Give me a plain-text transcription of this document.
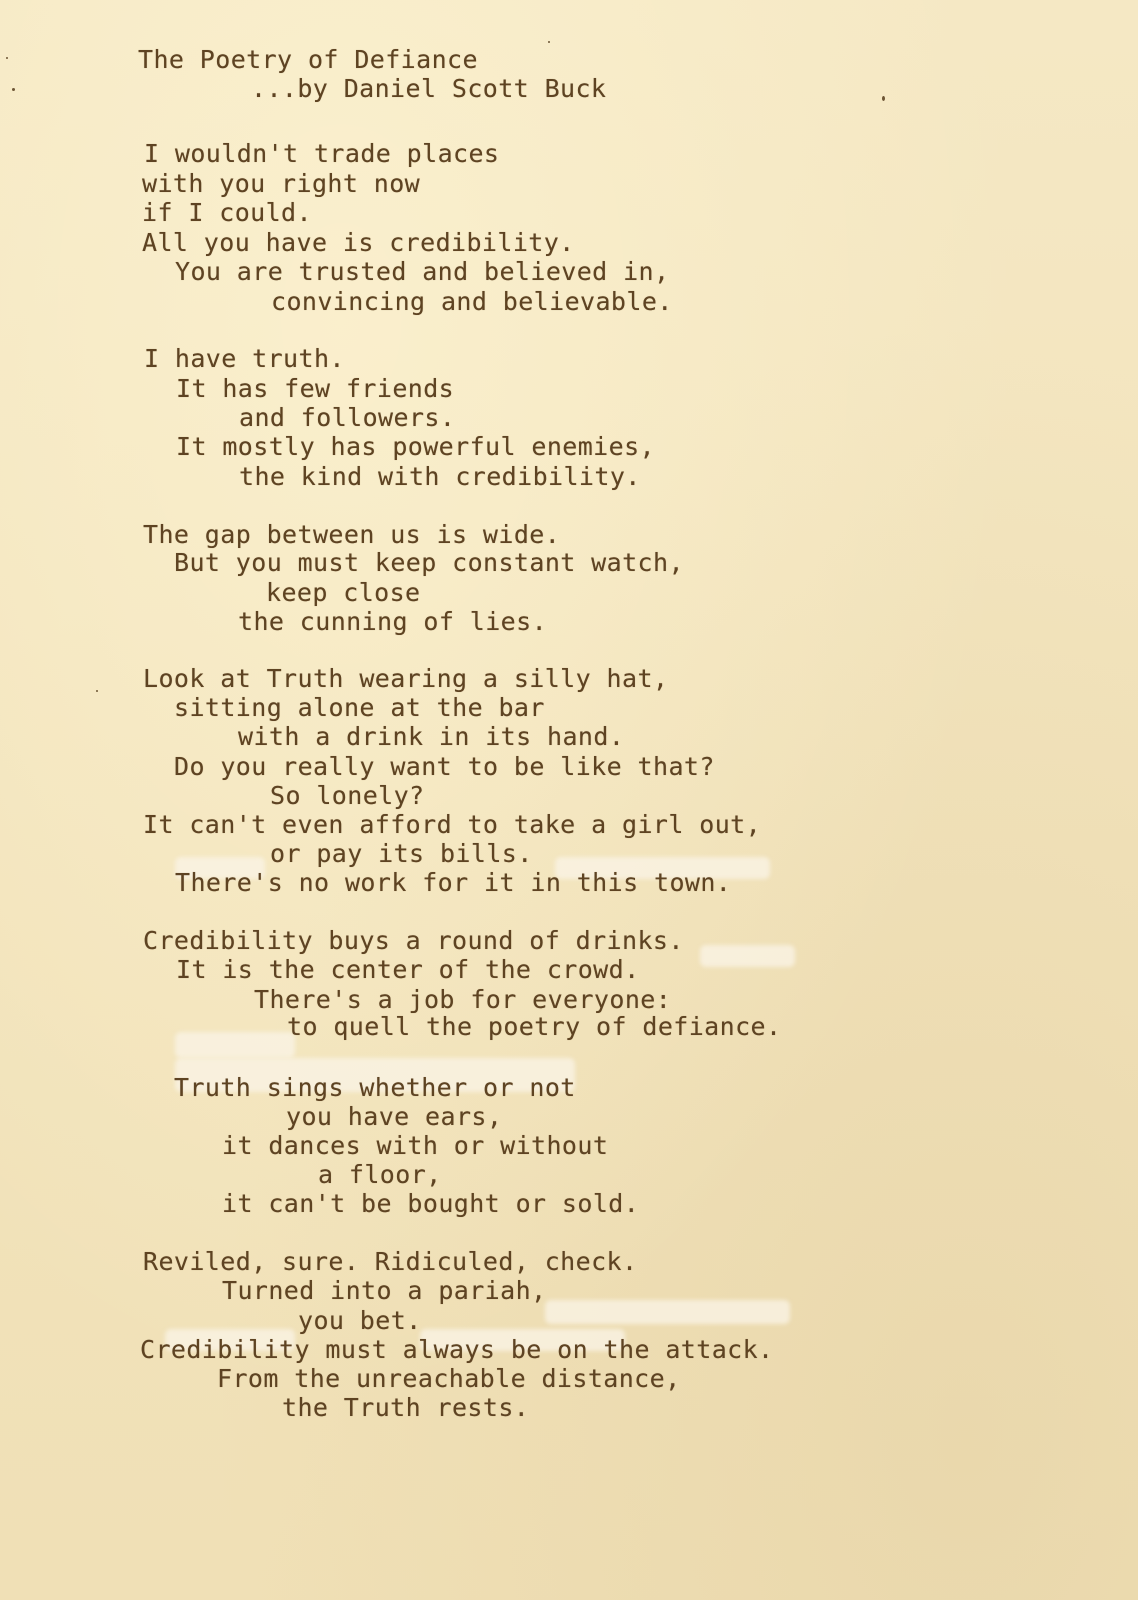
The Poetry of Defiance
...by Daniel Scott Buck
I wouldn't trade places
with you right now
if I could.
All you have is credibility.
You are trusted and believed in,
convincing and believable.
I have truth.
It has few friends
and followers.
It mostly has powerful enemies,
the kind with credibility.
The gap between us is wide.
But you must keep constant watch,
keep close
the cunning of lies.
Look at Truth wearing a silly hat,
sitting alone at the bar
with a drink in its hand.
Do you really want to be like that?
So lonely?
It can't even afford to take a girl out,
or pay its bills.
There's no work for it in this town.
Credibility buys a round of drinks.
It is the center of the crowd.
There's a job for everyone:
to quell the poetry of defiance.
Truth sings whether or not
you have ears,
it dances with or without
a floor,
it can't be bought or sold.
Reviled, sure. Ridiculed, check.
Turned into a pariah,
you bet.
Credibility must always be on the attack.
From the unreachable distance,
the Truth rests.
